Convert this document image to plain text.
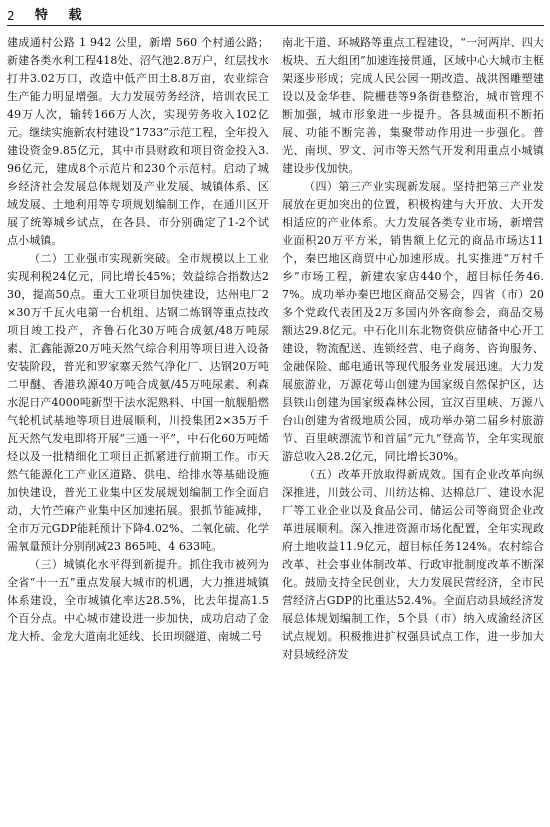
2	特 载

建成通村公路 1 942 公里，新增 560 个村通公路；新建各类水利工程418处、沼气池2.8万户，红层找水打井3.02万口，改造中低产田土8.8万亩，农业综合生产能力明显增强。大力发展劳务经济，培训农民工49万人次，输转166万人次，实现劳务收入102亿元。继续实施新农村建设“1733”示范工程，全年投入建设资金9.85亿元，其中市县财政和项目资金投入3.96亿元，建成8个示范片和230个示范村。启动了城乡经济社会发展总体规划及产业发展、城镇体系、区域发展、土地利用等专项规划编制工作，在通川区开展了统筹城乡试点，在各县、市分别确定了1-2个试点小城镇。

（二）工业强市实现新突破。全市规模以上工业实现利税24亿元，同比增长45%；效益综合指数达230，提高50点。重大工业项目加快建设，达州电厂2×30万千瓦火电第一台机组、达钢二炼钢等重点技改项目竣工投产，齐鲁石化30万吨合成氨/48万吨尿素、汇鑫能源20万吨天然气综合利用等项目进入设备安装阶段，普光和罗家寨天然气净化厂、达钢20万吨二甲醚、香港玖源40万吨合成氨/45万吨尿素、利森水泥日产4000吨新型干法水泥熟料、中国一航舰船燃气轮机试基地等项目进展顺利，川投集团2×35万千瓦天然气发电即将开展“三通一平”，中石化60万吨烯烃以及一批精细化工项目正抓紧进行前期工作。市天然气能源化工产业区道路、供电、给排水等基础设施加快建设，普光工业集中区发展规划编制工作全面启动，大竹苎麻产业集中区加速拓展。狠抓节能减排，全市万元GDP能耗预计下降4.02%、二氧化硫、化学需氧量预计分别削减23 865吨、4 633吨。

（三）城镇化水平得到新提升。抓住我市被列为全省“十一五”重点发展大城市的机遇，大力推进城镇体系建设，全市城镇化率达28.5%，比去年提高1.5个百分点。中心城市建设进一步加快，成功启动了金龙大桥、金龙大道南北延线、长田坝隧道、南城二号

南北干道、环城路等重点工程建设，“一河两岸、四大板块、五大组团”加速连接贯通，区域中心大城市主框架逐步形成；完成人民公园一期改造、战洪图雕塑建设以及金华巷、院栅巷等9条街巷整治，城市管理不断加强，城市形象进一步提升。各县城面积不断拓展、功能不断完善，集聚带动作用进一步强化。普光、南坝、罗文、河市等天然气开发利用重点小城镇建设步伐加快。

（四）第三产业实现新发展。坚持把第三产业发展放在更加突出的位置，积极构建与大开放、大开发相适应的产业体系。大力发展各类专业市场，新增营业面积20万平方米，销售额上亿元的商品市场达11个，秦巴地区商贸中心加速形成。扎实推进“万村千乡”市场工程，新建农家店440个，超目标任务46.7%。成功举办秦巴地区商品交易会，四省（市）20多个党政代表团及2万多国内外客商参会，商品交易额达29.8亿元。中石化川东北物资供应储备中心开工建设，物流配送、连锁经营、电子商务、咨询服务、金融保险、邮电通讯等现代服务业发展迅速。大力发展旅游业，万源花萼山创建为国家级自然保护区，达县铁山创建为国家级森林公园，宣汉百里峡、万源八台山创建为省级地质公园，成功举办第二届乡村旅游节、百里峡漂流节和首届“元九”登高节，全年实现旅游总收入28.2亿元，同比增长30%。

（五）改革开放取得新成效。国有企业改革向纵深推进，川鼓公司、川纺达棉、达棉总厂、建设水泥厂等工业企业以及食品公司、储运公司等商贸企业改革进展顺利。深入推进资源市场化配置，全年实现政府土地收益11.9亿元，超目标任务124%。农村综合改革、社会事业体制改革、行政审批制度改革不断深化。鼓励支持全民创业，大力发展民营经济，全市民营经济占GDP的比重达52.4%。全面启动县域经济发展总体规划编制工作，5个县（市）纳入成渝经济区试点规划。积极推进扩权强县试点工作，进一步加大对县域经济发
